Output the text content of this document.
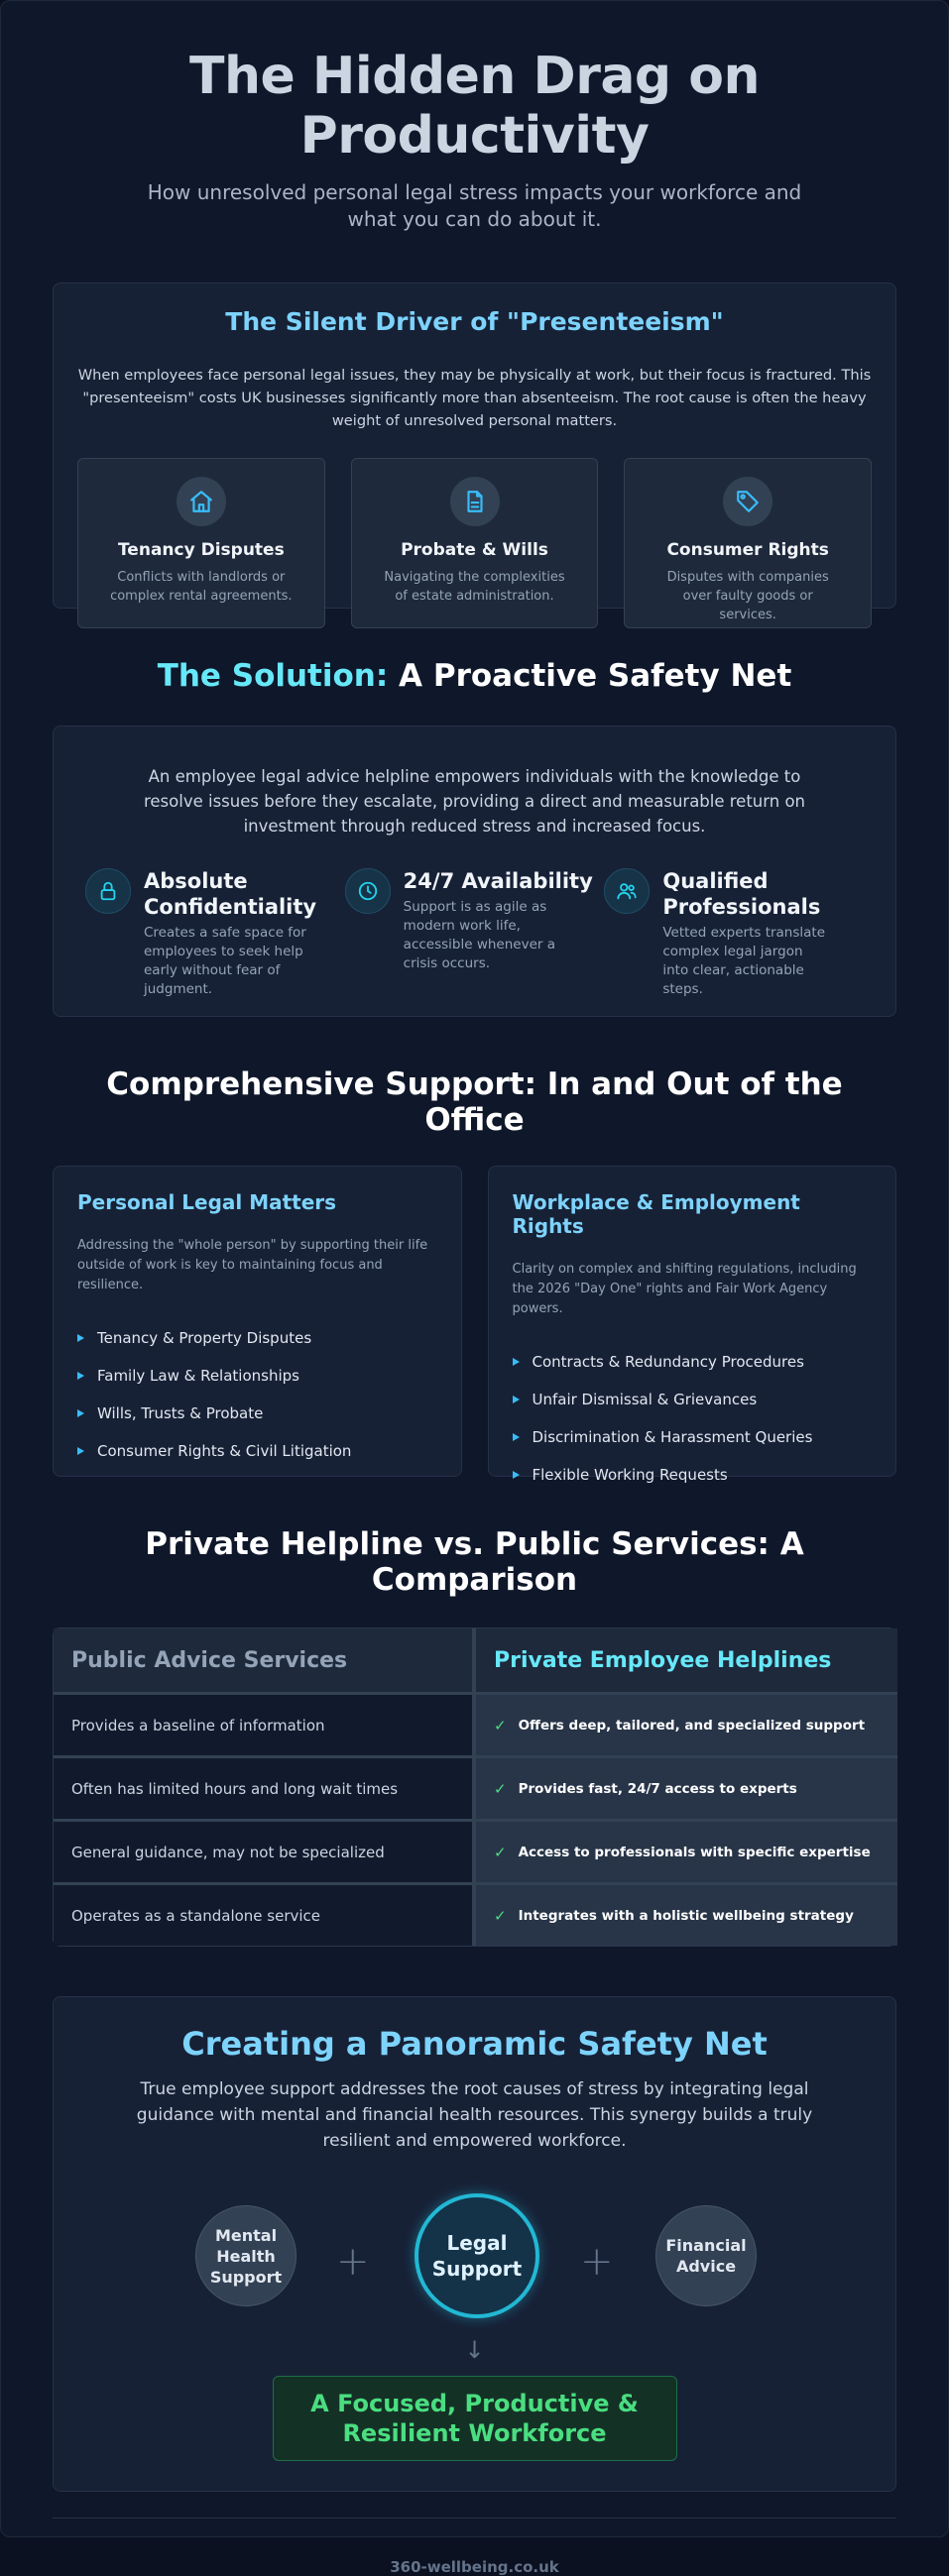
The Hidden Drag on Productivity

How unresolved personal legal stress impacts your workforce and what you can do about it.

The Silent Driver of "Presenteeism"

When employees face personal legal issues, they may be physically at work, but their focus is fractured. This "presenteeism" costs UK businesses significantly more than absenteeism. The root cause is often the heavy weight of unresolved personal matters.

Tenancy Disputes

Conflicts with landlords or complex rental agreements.

Probate & Wills

Navigating the complexities of estate administration.

Consumer Rights

Disputes with companies over faulty goods or services.

The Solution: A Proactive Safety Net

An employee legal advice helpline empowers individuals with the knowledge to resolve issues before they escalate, providing a direct and measurable return on investment through reduced stress and increased focus.

Absolute Confidentiality

Creates a safe space for employees to seek help early without fear of judgment.

24/7 Availability

Support is as agile as modern work life, accessible whenever a crisis occurs.

Qualified Professionals

Vetted experts translate complex legal jargon into clear, actionable steps.

Comprehensive Support: In and Out of the Office
Personal Legal Matters

Addressing the "whole person" by supporting their life outside of work is key to maintaining focus and resilience.

Tenancy & Property Disputes
Family Law & Relationships
Wills, Trusts & Probate
Consumer Rights & Civil Litigation
Workplace & Employment Rights

Clarity on complex and shifting regulations, including the 2026 "Day One" rights and Fair Work Agency powers.

Contracts & Redundancy Procedures
Unfair Dismissal & Grievances
Discrimination & Harassment Queries
Flexible Working Requests
Private Helpline vs. Public Services: A Comparison
Public Advice Services	Private Employee Helplines
Provides a baseline of information	✓ Offers deep, tailored, and specialized support
Often has limited hours and long wait times	✓ Provides fast, 24/7 access to experts
General guidance, may not be specialized	✓ Access to professionals with specific expertise
Operates as a standalone service	✓ Integrates with a holistic wellbeing strategy
Creating a Panoramic Safety Net

True employee support addresses the root causes of stress by integrating legal guidance with mental and financial health resources. This synergy builds a truly resilient and empowered workforce.

Mental Health Support	+	Legal Support	+	Financial Advice
↓
A Focused, Productive & Resilient Workforce
360-wellbeing.co.uk
